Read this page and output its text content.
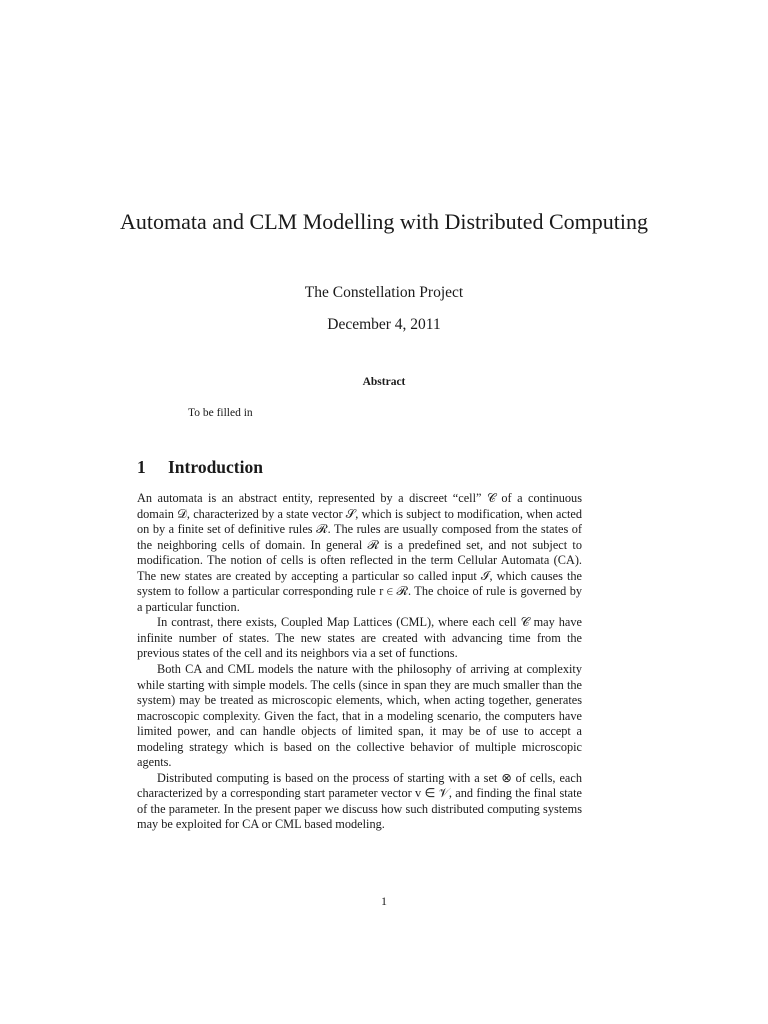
Automata and CLM Modelling with Distributed Computing
The Constellation Project
December 4, 2011
Abstract
To be filled in
1 Introduction

An automata is an abstract entity, represented by a discreet “cell” 𝒞 of a continuous domain 𝒟, characterized by a state vector 𝒮, which is subject to modification, when acted on by a finite set of definitive rules ℛ. The rules are usually composed from the states of the neighboring cells of domain. In general ℛ is a predefined set, and not subject to modification. The notion of cells is often reflected in the term Cellular Automata (CA). The new states are created by accepting a particular so called input ℐ, which causes the system to follow a particular corresponding rule r ∈ ℛ. The choice of rule is governed by a particular function.

In contrast, there exists, Coupled Map Lattices (CML), where each cell 𝒞 may have infinite number of states. The new states are created with advancing time from the previous states of the cell and its neighbors via a set of functions.

Both CA and CML models the nature with the philosophy of arriving at complexity while starting with simple models. The cells (since in span they are much smaller than the system) may be treated as microscopic elements, which, when acting together, generates macroscopic complexity. Given the fact, that in a modeling scenario, the computers have limited power, and can handle objects of limited span, it may be of use to accept a modeling strategy which is based on the collective behavior of multiple microscopic agents.

Distributed computing is based on the process of starting with a set ⊗ of cells, each characterized by a corresponding start parameter vector v ∈ 𝒱, and finding the final state of the parameter. In the present paper we discuss how such distributed computing systems may be exploited for CA or CML based modeling.

1
